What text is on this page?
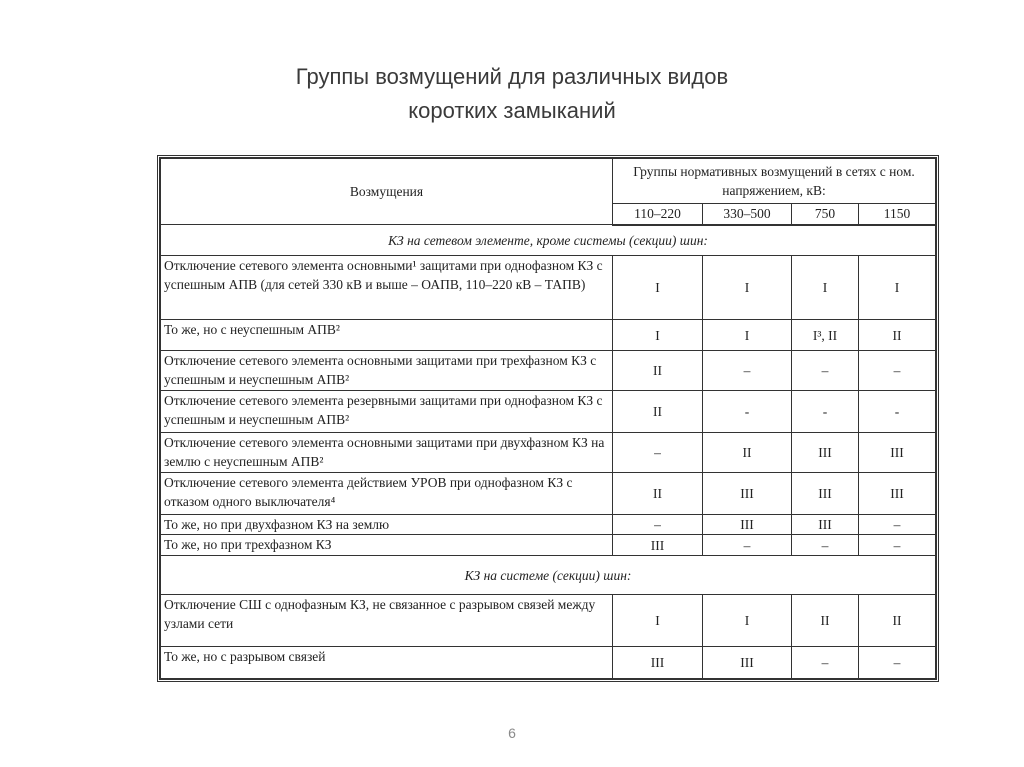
Группы возмущений для различных видов
коротких замыканий
Возмущения	Группы нормативных возмущений в сетях с ном. напряжением, кВ:			
	110–220	330–500	750	1150
КЗ на сетевом элементе, кроме системы (секции) шин:				
Отключение сетевого элемента основными¹ защитами при однофазном КЗ с успешным АПВ (для сетей 330 кВ и выше – ОАПВ, 110–220 кВ – ТАПВ)	I	I	I	I
То же, но с неуспешным АПВ²	I	I	I³, II	II
Отключение сетевого элемента основными защитами при трехфазном КЗ с успешным и неуспешным АПВ²	II	–	–	–
Отключение сетевого элемента резервными защитами при однофазном КЗ с успешным и неуспешным АПВ²	II	-	-	-
Отключение сетевого элемента основными защитами при двухфазном КЗ на землю с неуспешным АПВ²	–	II	III	III
Отключение сетевого элемента действием УРОВ при однофазном КЗ с отказом одного выключателя⁴	II	III	III	III
То же, но при двухфазном КЗ на землю	–	III	III	–
То же, но при трехфазном КЗ	III	–	–	–
КЗ на системе (секции) шин:				
Отключение СШ с однофазным КЗ, не связанное с разрывом связей между узлами сети	I	I	II	II
То же, но с разрывом связей	III	III	–	–
6
